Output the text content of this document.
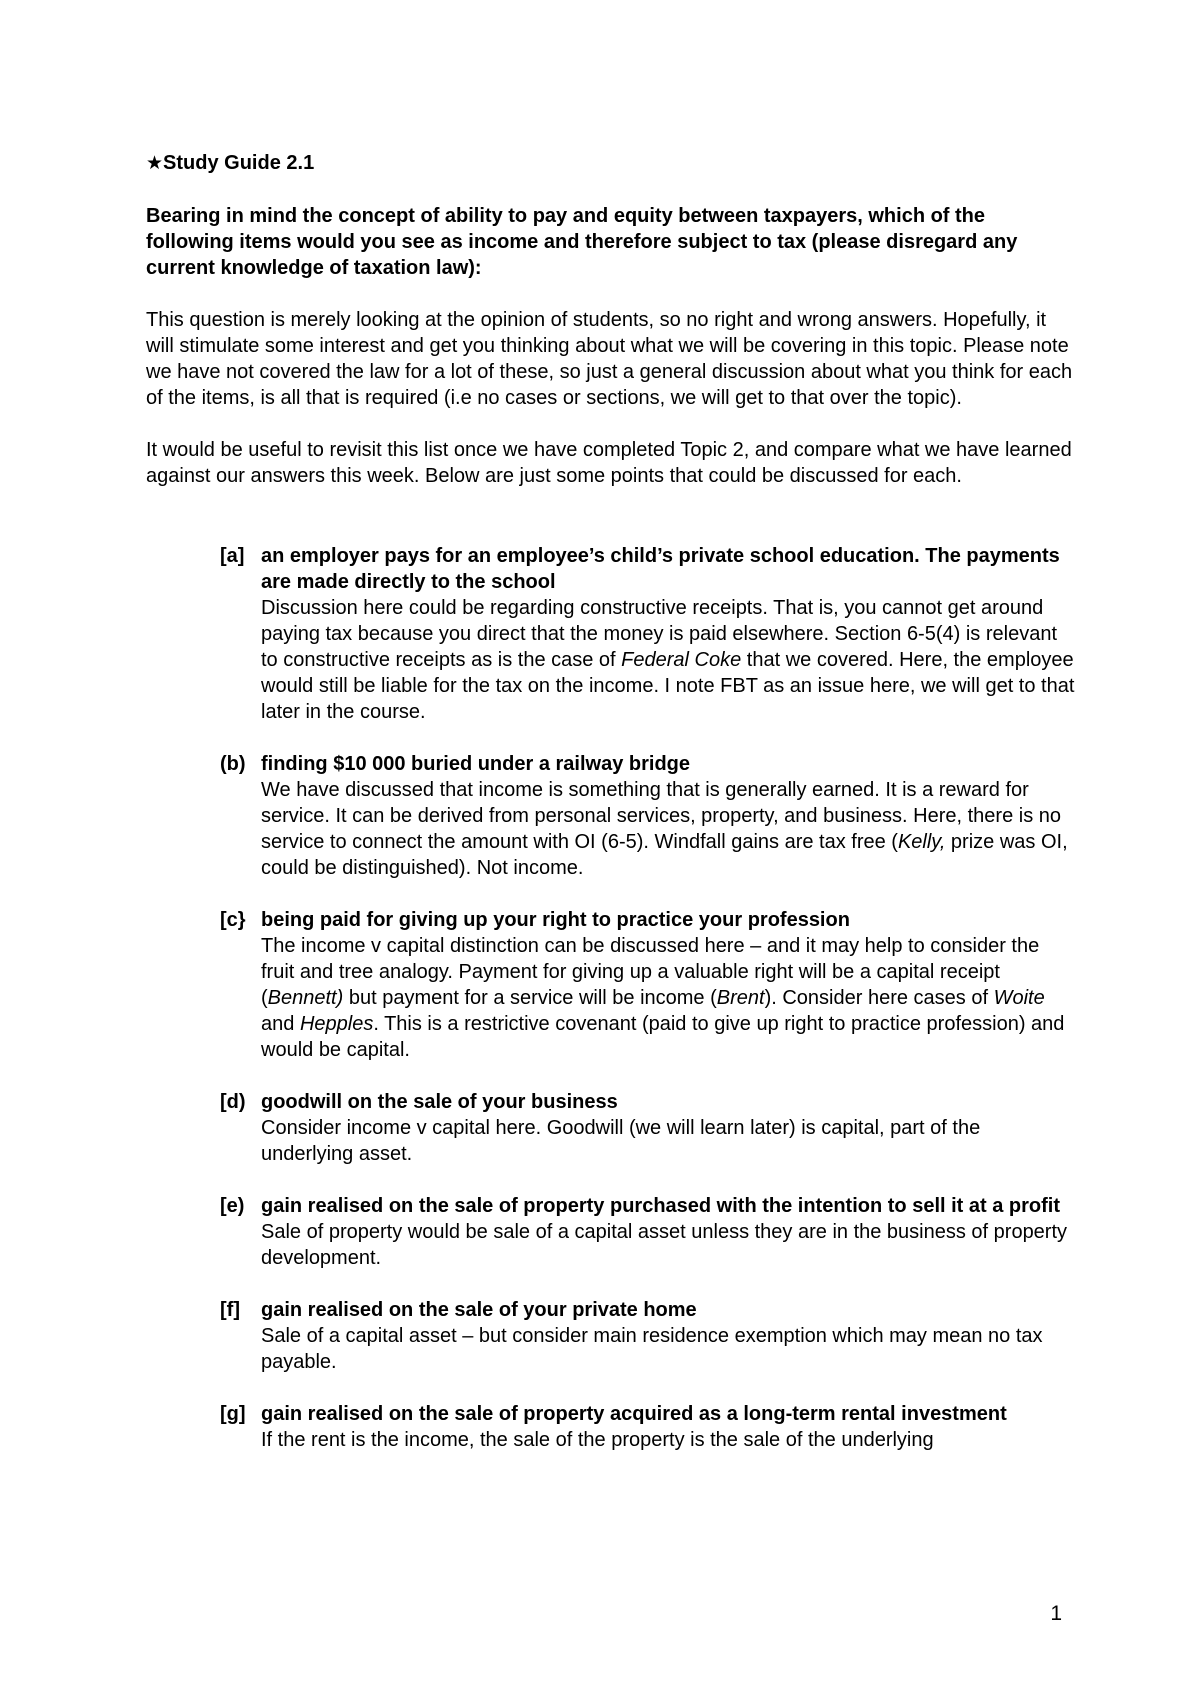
★Study Guide 2.1
Bearing in mind the concept of ability to pay and equity between taxpayers, which of the following items would you see as income and therefore subject to tax (please disregard any current knowledge of taxation law):
This question is merely looking at the opinion of students, so no right and wrong answers. Hopefully, it will stimulate some interest and get you thinking about what we will be covering in this topic. Please note we have not covered the law for a lot of these, so just a general discussion about what you think for each of the items, is all that is required (i.e no cases or sections, we will get to that over the topic).
It would be useful to revisit this list once we have completed Topic 2, and compare what we have learned against our answers this week. Below are just some points that could be discussed for each.
[a] an employer pays for an employee’s child’s private school education. The payments are made directly to the school
Discussion here could be regarding constructive receipts. That is, you cannot get around paying tax because you direct that the money is paid elsewhere. Section 6-5(4) is relevant to constructive receipts as is the case of Federal Coke that we covered. Here, the employee would still be liable for the tax on the income. I note FBT as an issue here, we will get to that later in the course.
(b) finding $10 000 buried under a railway bridge
We have discussed that income is something that is generally earned. It is a reward for service. It can be derived from personal services, property, and business. Here, there is no service to connect the amount with OI (6-5). Windfall gains are tax free (Kelly, prize was OI, could be distinguished). Not income.
[c} being paid for giving up your right to practice your profession
The income v capital distinction can be discussed here – and it may help to consider the fruit and tree analogy. Payment for giving up a valuable right will be a capital receipt (Bennett) but payment for a service will be income (Brent). Consider here cases of Woite and Hepples. This is a restrictive covenant (paid to give up right to practice profession) and would be capital.
[d) goodwill on the sale of your business
Consider income v capital here. Goodwill (we will learn later) is capital, part of the underlying asset.
[e) gain realised on the sale of property purchased with the intention to sell it at a profit
Sale of property would be sale of a capital asset unless they are in the business of property development.
[f] gain realised on the sale of your private home
Sale of a capital asset – but consider main residence exemption which may mean no tax payable.
[g] gain realised on the sale of property acquired as a long-term rental investment
If the rent is the income, the sale of the property is the sale of the underlying
1
